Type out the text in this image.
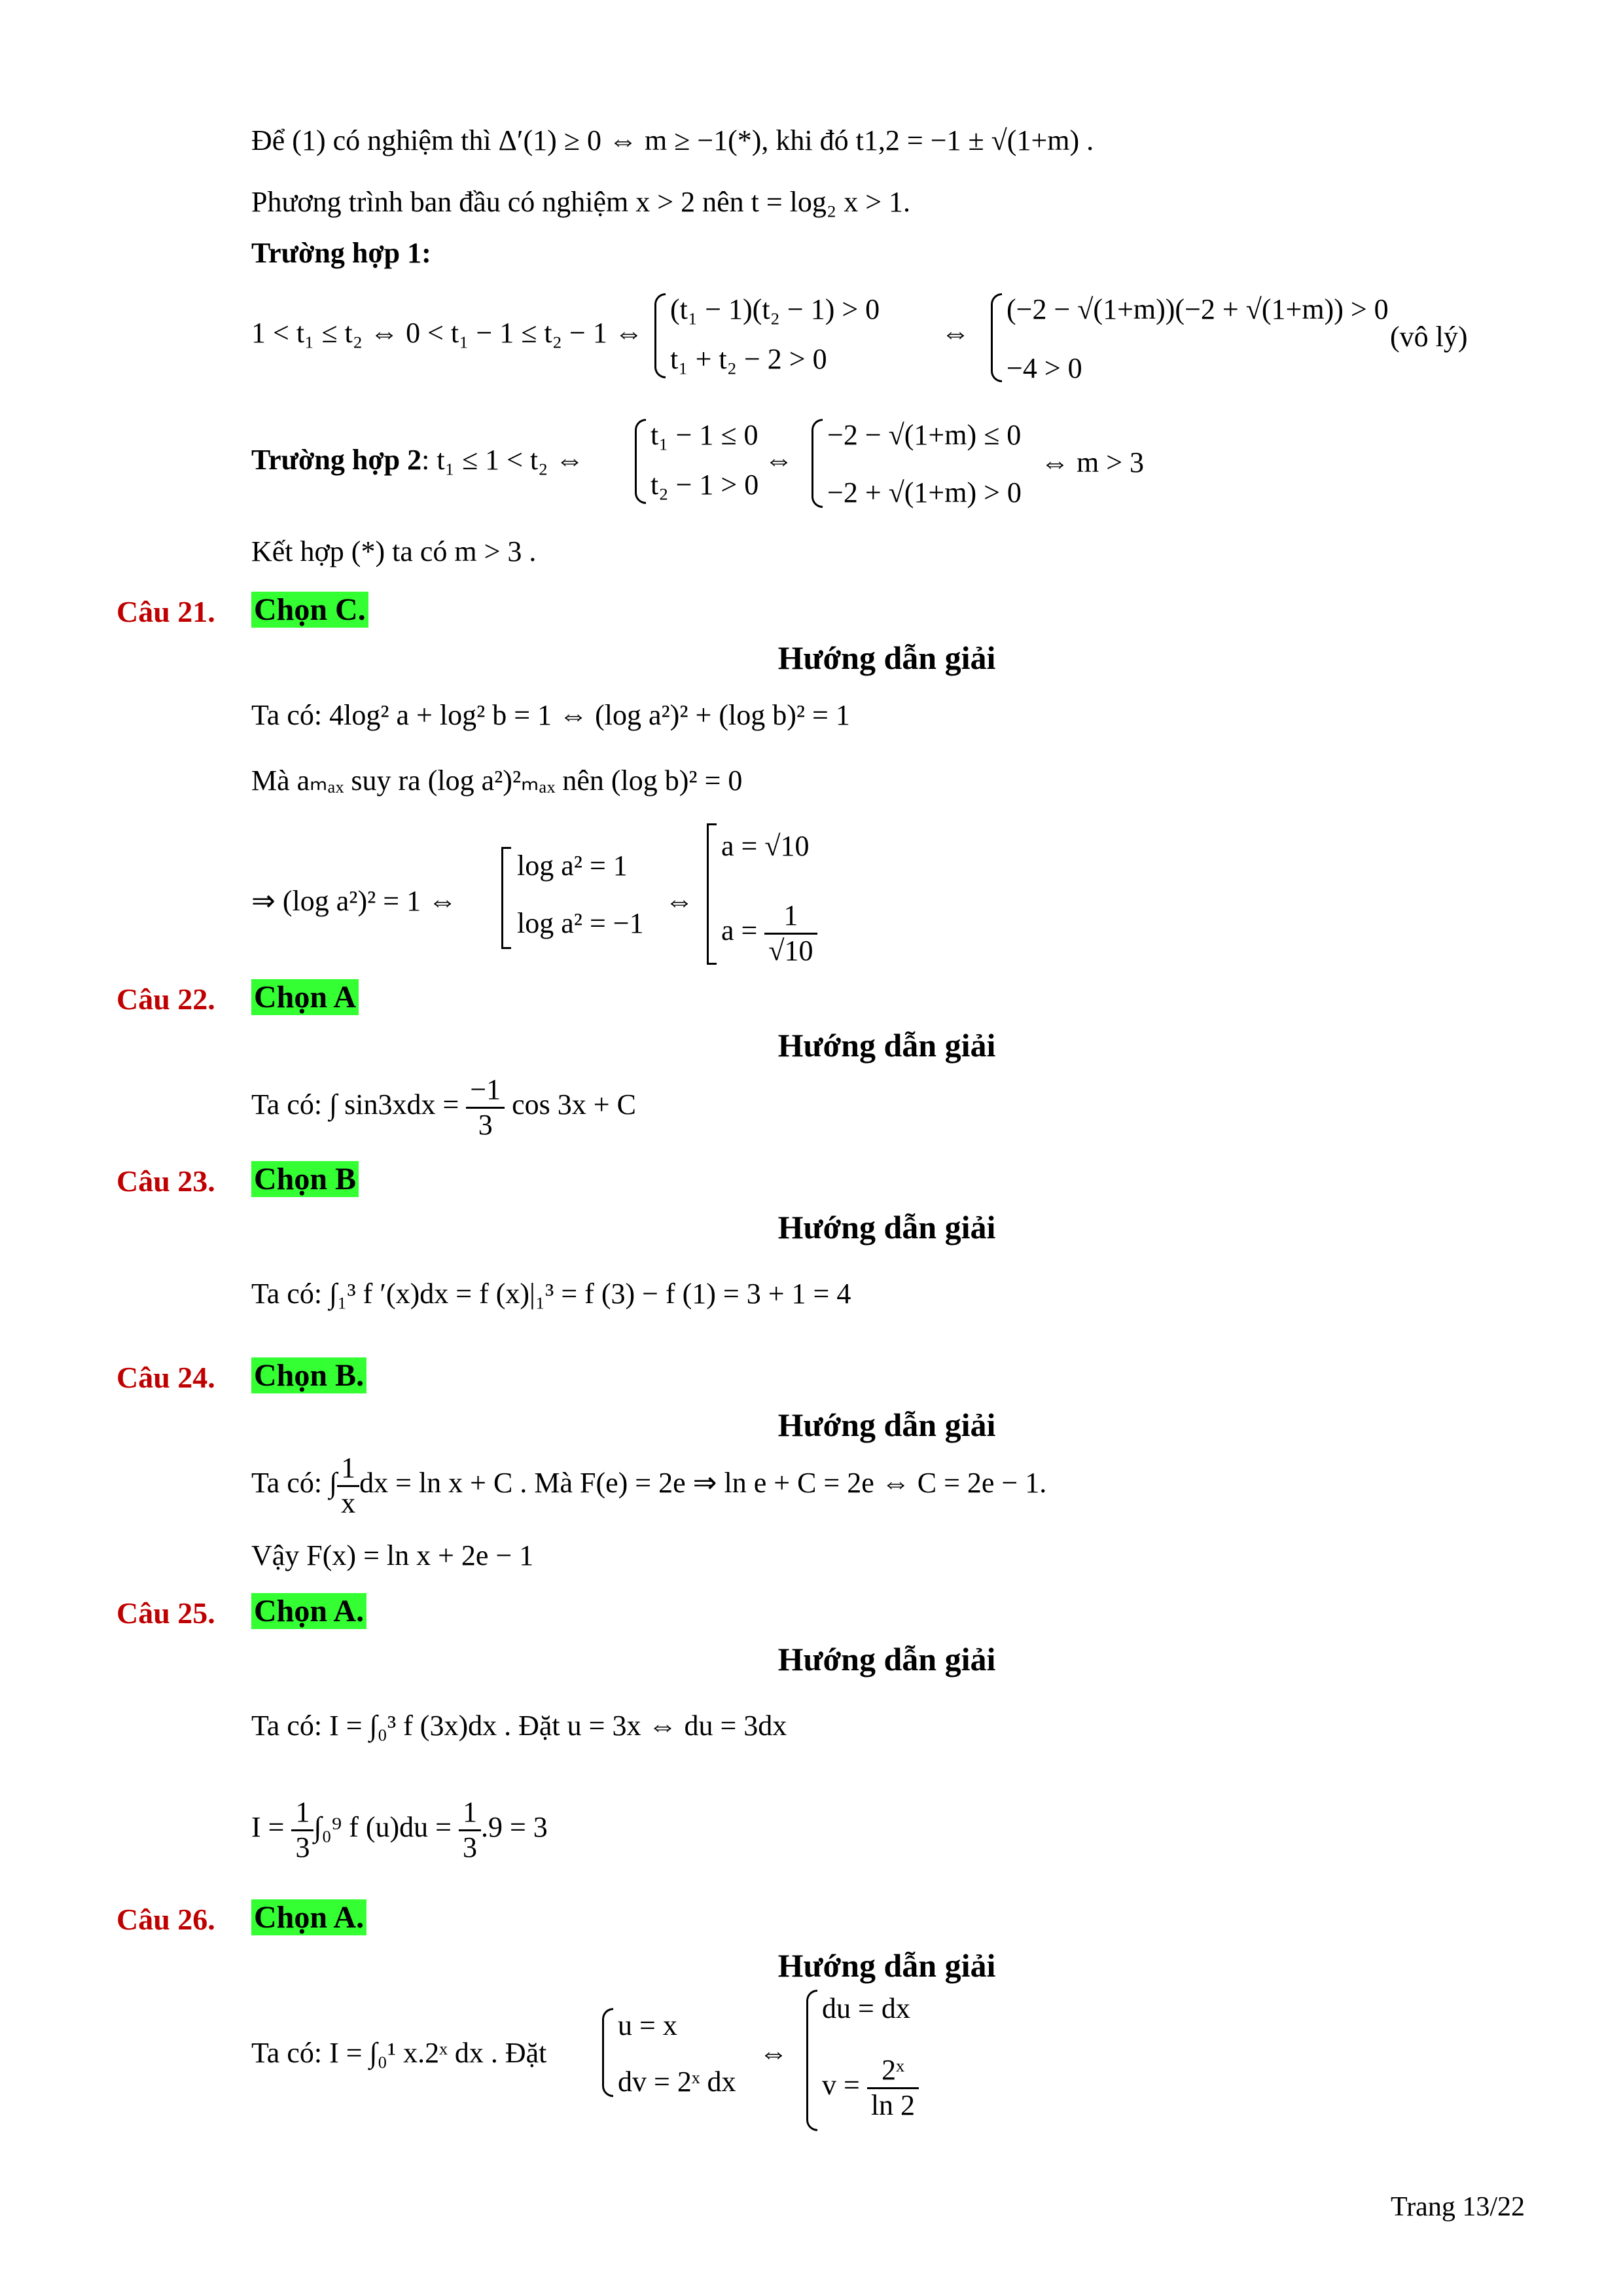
Để (1) có nghiệm thì Δ′(1) ≥ 0 ⇔ m ≥ −1(*), khi đó t1,2 = −1 ± √(1+m) .
Phương trình ban đầu có nghiệm x > 2 nên t = log₂ x > 1.
Trường hợp 1:
1 < t₁ ≤ t₂ ⇔ 0 < t₁ − 1 ≤ t₂ − 1 ⇔
(t₁ − 1)(t₂ − 1) > 0
t₁ + t₂ − 2 > 0
⇔
(−2 − √(1+m))(−2 + √(1+m)) > 0
−4 > 0
(vô lý)
Trường hợp 2: t₁ ≤ 1 < t₂ ⇔
t₁ − 1 ≤ 0
t₂ − 1 > 0
⇔
−2 − √(1+m) ≤ 0
−2 + √(1+m) > 0
⇔ m > 3
Kết hợp (*) ta có m > 3 .
Câu 21. Chọn C.
Hướng dẫn giải
Ta có: 4log² a + log² b = 1 ⇔ (log a²)² + (log b)² = 1
Mà aₘₐₓ suy ra (log a²)²ₘₐₓ nên (log b)² = 0
⇒ (log a²)² = 1 ⇔
log a² = 1
log a² = −1
⇔
a = √10
$a = \frac{1}{√10}$
Câu 22. Chọn A
Hướng dẫn giải
Ta có: ∫ $\sin 3xdx = \frac{-1}{3}$ cos 3x + C
Câu 23. Chọn B
Hướng dẫn giải
Ta có: ∫₁³ f ′(x)dx = f (x)|₁³ = f (3) − f (1) = 3 + 1 = 4
Câu 24. Chọn B.
Hướng dẫn giải
Ta có: ∫ $\frac{1}{x}$ dx = ln x + C . Mà F(e) = 2e ⇒ ln e + C = 2e ⇔ C = 2e − 1.
Vậy F(x) = ln x + 2e − 1
Câu 25. Chọn A.
Hướng dẫn giải
Ta có: I = ∫₀³ f (3x)dx . Đặt u = 3x ⇔ du = 3dx
$I = \frac{1}{3} \int_0^9$ f $(u)du = \frac{1}{3} .9 = 3$
Câu 26. Chọn A.
Hướng dẫn giải
Ta có: I = ∫₀¹ x.2ˣ dx . Đặt
u = x
dv = 2ˣ dx
⇔
du = dx
$v = \frac{\text{2ˣ}}{\ln 2}$
Trang 13/22
